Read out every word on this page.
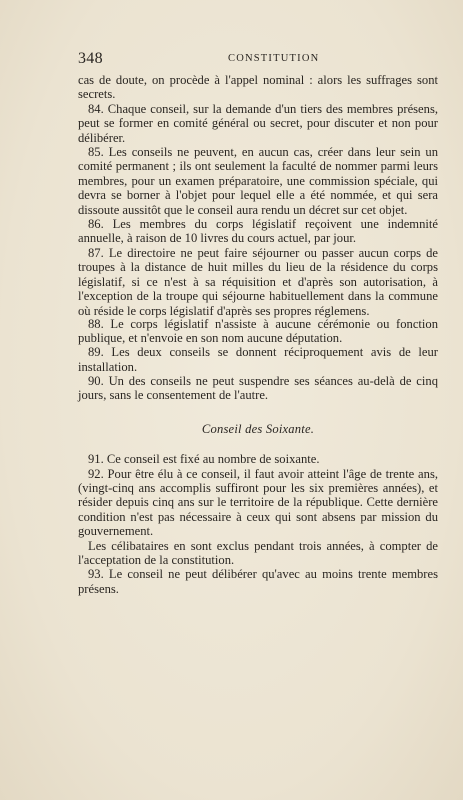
348	CONSTITUTION

cas de doute, on procède à l'appel nominal : alors les suffrages sont secrets.

84. Chaque conseil, sur la demande d'un tiers des membres présens, peut se former en comité général ou secret, pour discuter et non pour délibérer.

85. Les conseils ne peuvent, en aucun cas, créer dans leur sein un comité permanent ; ils ont seulement la faculté de nommer parmi leurs membres, pour un examen préparatoire, une commission spéciale, qui devra se borner à l'objet pour lequel elle a été nommée, et qui sera dissoute aussitôt que le conseil aura rendu un décret sur cet objet.

86. Les membres du corps législatif reçoivent une indemnité annuelle, à raison de 10 livres du cours actuel, par jour.

87. Le directoire ne peut faire séjourner ou passer aucun corps de troupes à la distance de huit milles du lieu de la résidence du corps législatif, si ce n'est à sa réquisition et d'après son autorisation, à l'exception de la troupe qui séjourne habituellement dans la commune où réside le corps législatif d'après ses propres réglemens.

88. Le corps législatif n'assiste à aucune cérémonie ou fonction publique, et n'envoie en son nom aucune députation.

89. Les deux conseils se donnent réciproquement avis de leur installation.

90. Un des conseils ne peut suspendre ses séances au-delà de cinq jours, sans le consentement de l'autre.

Conseil des Soixante.

91. Ce conseil est fixé au nombre de soixante.

92. Pour être élu à ce conseil, il faut avoir atteint l'âge de trente ans, (vingt-cinq ans accomplis suffiront pour les six premières années), et résider depuis cinq ans sur le territoire de la république. Cette dernière condition n'est pas nécessaire à ceux qui sont absens par mission du gouvernement.

Les célibataires en sont exclus pendant trois années, à compter de l'acceptation de la constitution.

93. Le conseil ne peut délibérer qu'avec au moins trente membres présens.
